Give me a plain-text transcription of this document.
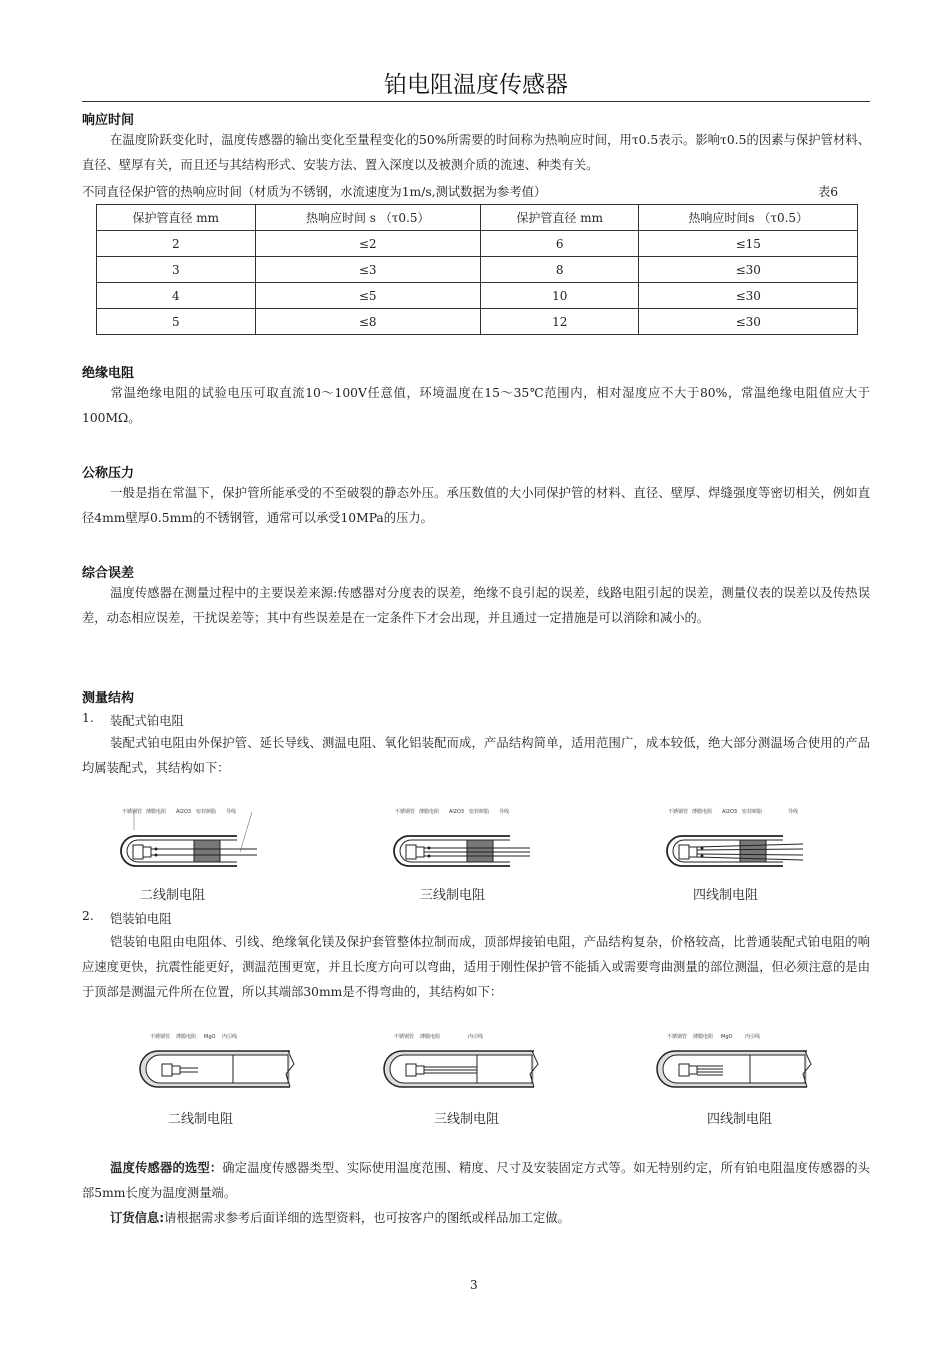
铂电阻温度传感器
响应时间
在温度阶跃变化时，温度传感器的输出变化至量程变化的50%所需要的时间称为热响应时间，用τ0.5表示。影响τ0.5的因素与保护管材料、直径、壁厚有关，而且还与其结构形式、安装方法、置入深度以及被测介质的流速、种类有关。
不同直径保护管的热响应时间（材质为不锈钢，水流速度为1m/s,测试数据为参考值）	表6
保护管直径 mm	热响应时间 s （τ0.5）	保护管直径 mm	热响应时间s （τ0.5）
2	≤2	6	≤15
3	≤3	8	≤30
4	≤5	10	≤30
5	≤8	12	≤30
绝缘电阻
常温绝缘电阻的试验电压可取直流10～100V任意值，环境温度在15～35℃范围内，相对湿度应不大于80%，常温绝缘电阻值应大于100MΩ。
公称压力
一般是指在常温下，保护管所能承受的不至破裂的静态外压。承压数值的大小同保护管的材料、直径、壁厚、焊缝强度等密切相关，例如直径4mm壁厚0.5mm的不锈钢管，通常可以承受10MPa的压力。
综合误差
温度传感器在测量过程中的主要误差来源:传感器对分度表的误差，绝缘不良引起的误差，线路电阻引起的误差，测量仪表的误差以及传热误差，动态相应误差，干扰误差等；其中有些误差是在一定条件下才会出现，并且通过一定措施是可以消除和减小的。
测量结构
1. 装配式铂电阻
装配式铂电阻由外保护管、延长导线、测温电阻、氧化铝装配而成，产品结构简单，适用范围广，成本较低，绝大部分测温场合使用的产品均属装配式，其结构如下：
不锈钢管 薄膜电阻 Al2O3 密封树脂 导线
二线制电阻
不锈钢管 薄膜电阻 Al2O3 密封树脂 导线
三线制电阻
不锈钢管 薄膜电阻 Al2O3 密封树脂	导线
四线制电阻
2. 铠装铂电阻
铠装铂电阻由电阻体、引线、绝缘氧化镁及保护套管整体拉制而成，顶部焊接铂电阻，产品结构复杂，价格较高，比普通装配式铂电阻的响应速度更快，抗震性能更好，测温范围更宽，并且长度方向可以弯曲，适用于刚性保护管不能插入或需要弯曲测量的部位测温，但必须注意的是由于顶部是测温元件所在位置，所以其端部30mm是不得弯曲的，其结构如下：
不锈钢管 薄膜电阻 MgO 内引线
二线制电阻
不锈钢管 薄膜电阻	内引线
三线制电阻
不锈钢管 薄膜电阻 MgO	内引线
四线制电阻
温度传感器的选型：确定温度传感器类型、实际使用温度范围、精度、尺寸及安装固定方式等。如无特别约定，所有铂电阻温度传感器的头部5mm长度为温度测量端。
订货信息:请根据需求参考后面详细的选型资料，也可按客户的图纸或样品加工定做。
3
